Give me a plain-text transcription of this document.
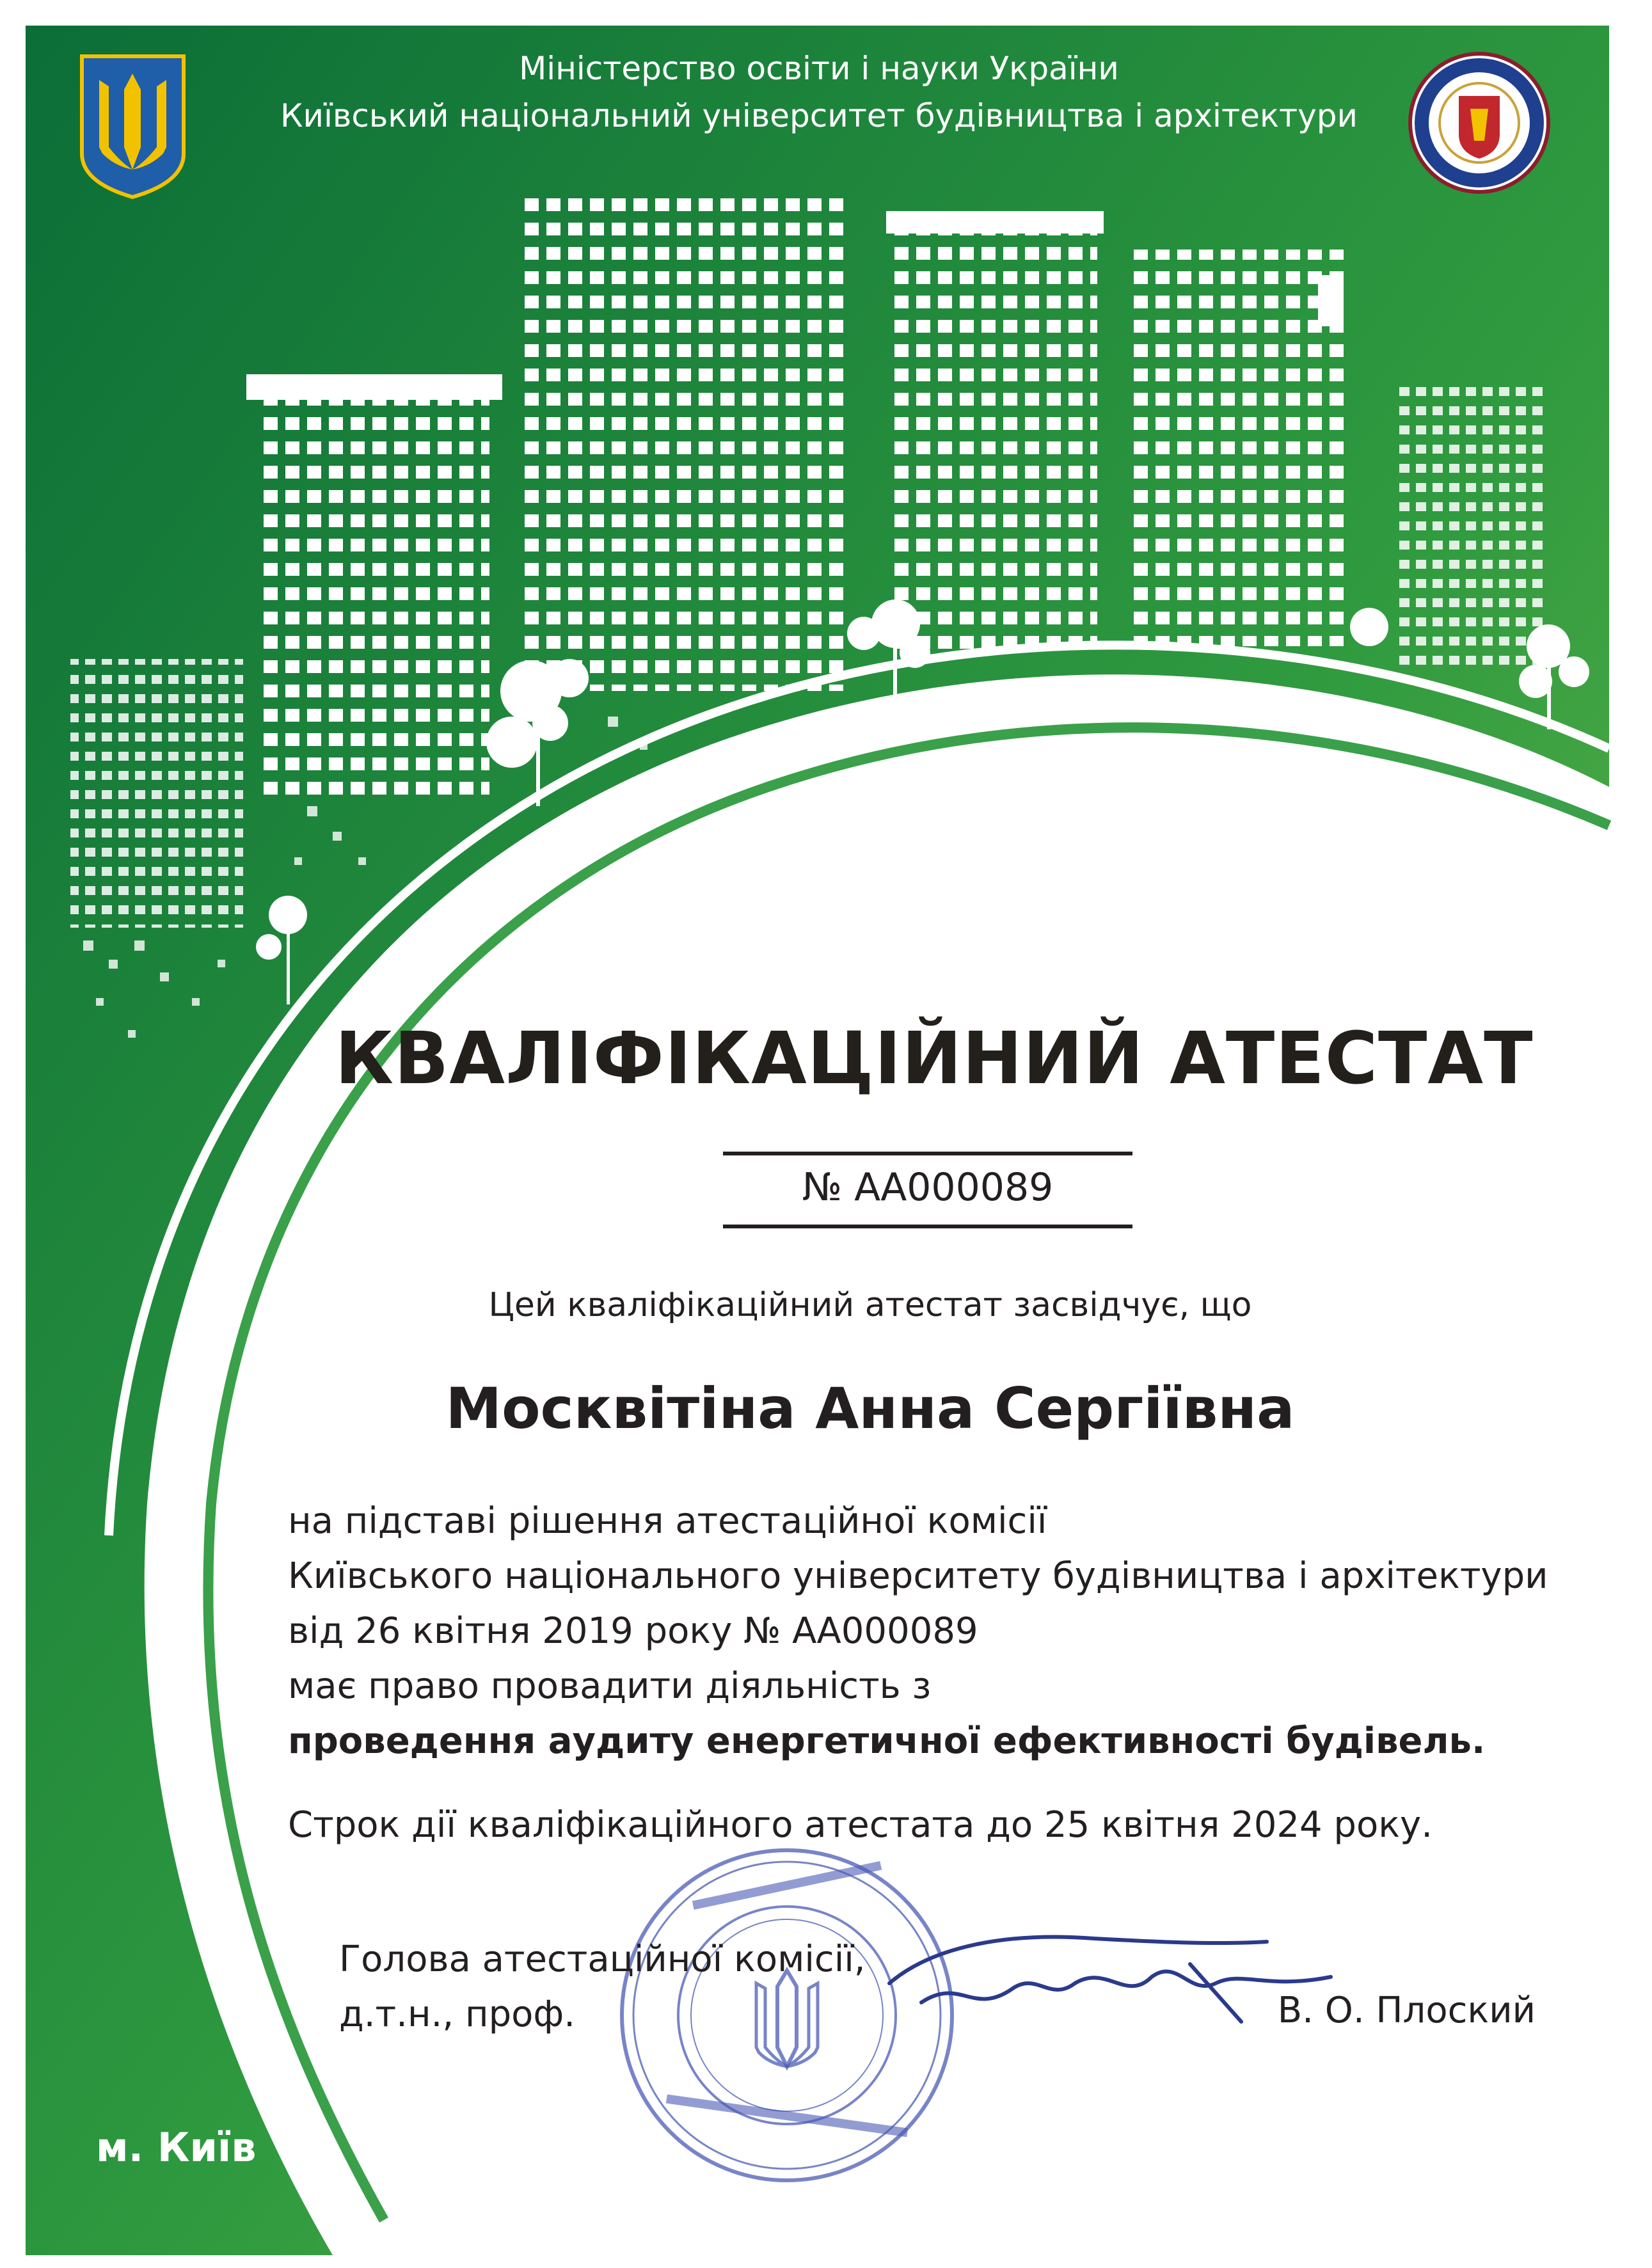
Міністерство освіти і науки України
Київський національний університет будівництва і архітектури
КВАЛІФІКАЦІЙНИЙ АТЕСТАТ
№ АА000089
Цей кваліфікаційний атестат засвідчує, що
Москвітіна Анна Сергіївна
на підставі рішення атестаційної комісії
Київського національного університету будівництва і архітектури
від 26 квітня 2019 року № АА000089
має право провадити діяльність з
проведення аудиту енергетичної ефективності будівель.
Строк дії кваліфікаційного атестата до 25 квітня 2024 року.
Голова атестаційної комісії,
д.т.н., проф.	В. О. Плоский
м. Київ
